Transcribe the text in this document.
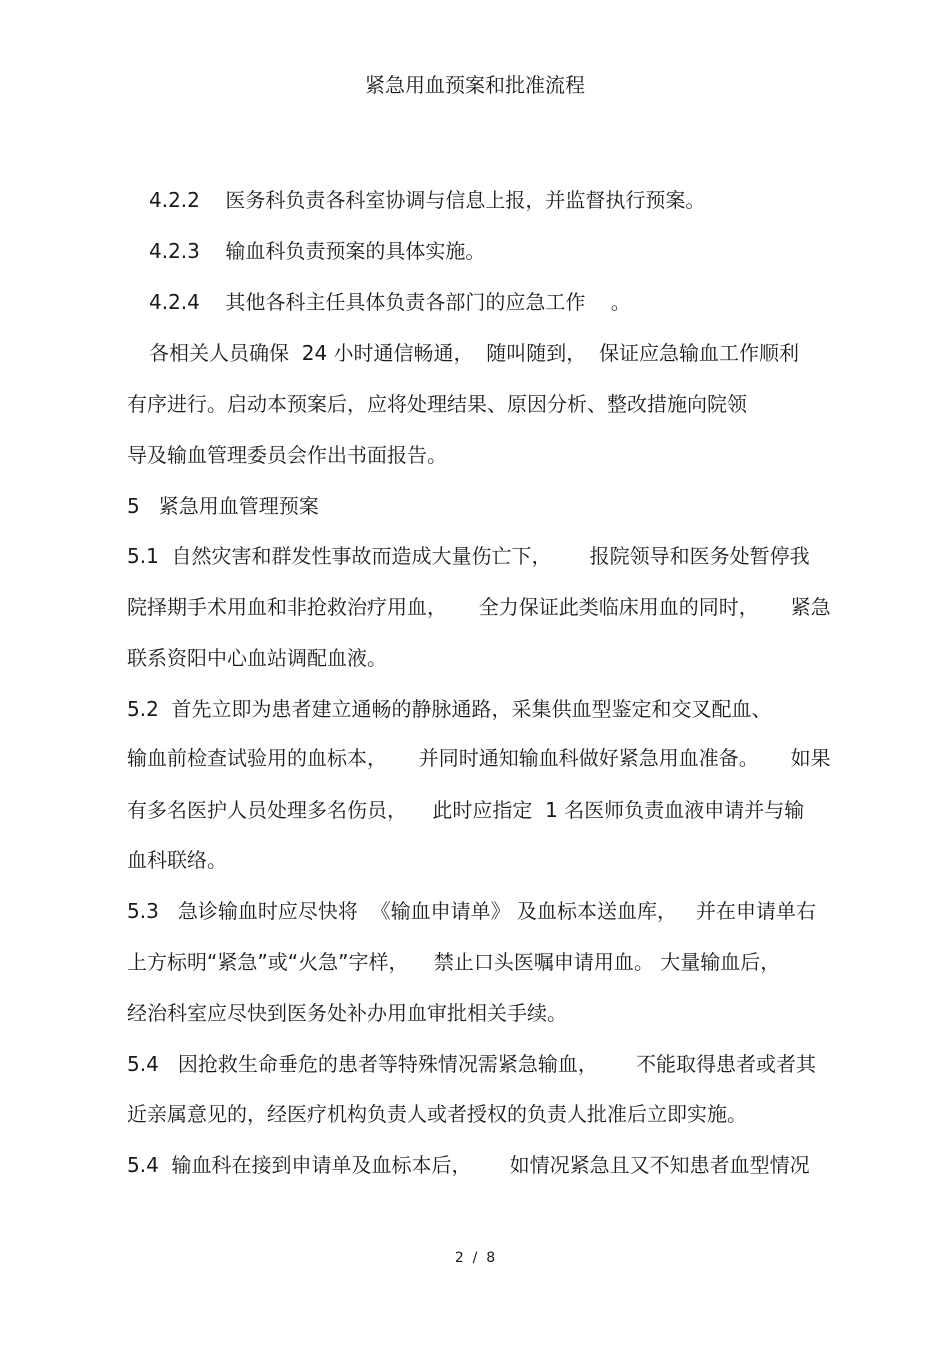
紧急用血预案和批准流程
4.2.2    医务科负责各科室协调与信息上报，并监督执行预案。
4.2.3    输血科负责预案的具体实施。
4.2.4    其他各科主任具体负责各部门的应急工作    。
各相关人员确保  24 小时通信畅通，  随叫随到，  保证应急输血工作顺利
有序进行。启动本预案后，应将处理结果、原因分析、整改措施向院领
导及输血管理委员会作出书面报告。
5   紧急用血管理预案
5.1  自然灾害和群发性事故而造成大量伤亡下，      报院领导和医务处暂停我
院择期手术用血和非抢救治疗用血，     全力保证此类临床用血的同时，     紧急
联系资阳中心血站调配血液。
5.2  首先立即为患者建立通畅的静脉通路，采集供血型鉴定和交叉配血、
输血前检查试验用的血标本，     并同时通知输血科做好紧急用血准备。     如果
有多名医护人员处理多名伤员，    此时应指定  1 名医师负责血液申请并与输
血科联络。
5.3   急诊输血时应尽快将  《输血申请单》 及血标本送血库，   并在申请单右
上方标明“紧急”或“火急”字样，    禁止口头医嘱申请用血。 大量输血后，
经治科室应尽快到医务处补办用血审批相关手续。
5.4   因抢救生命垂危的患者等特殊情况需紧急输血，      不能取得患者或者其
近亲属意见的，经医疗机构负责人或者授权的负责人批准后立即实施。
5.4  输血科在接到申请单及血标本后，      如情况紧急且又不知患者血型情况
2  /  8
